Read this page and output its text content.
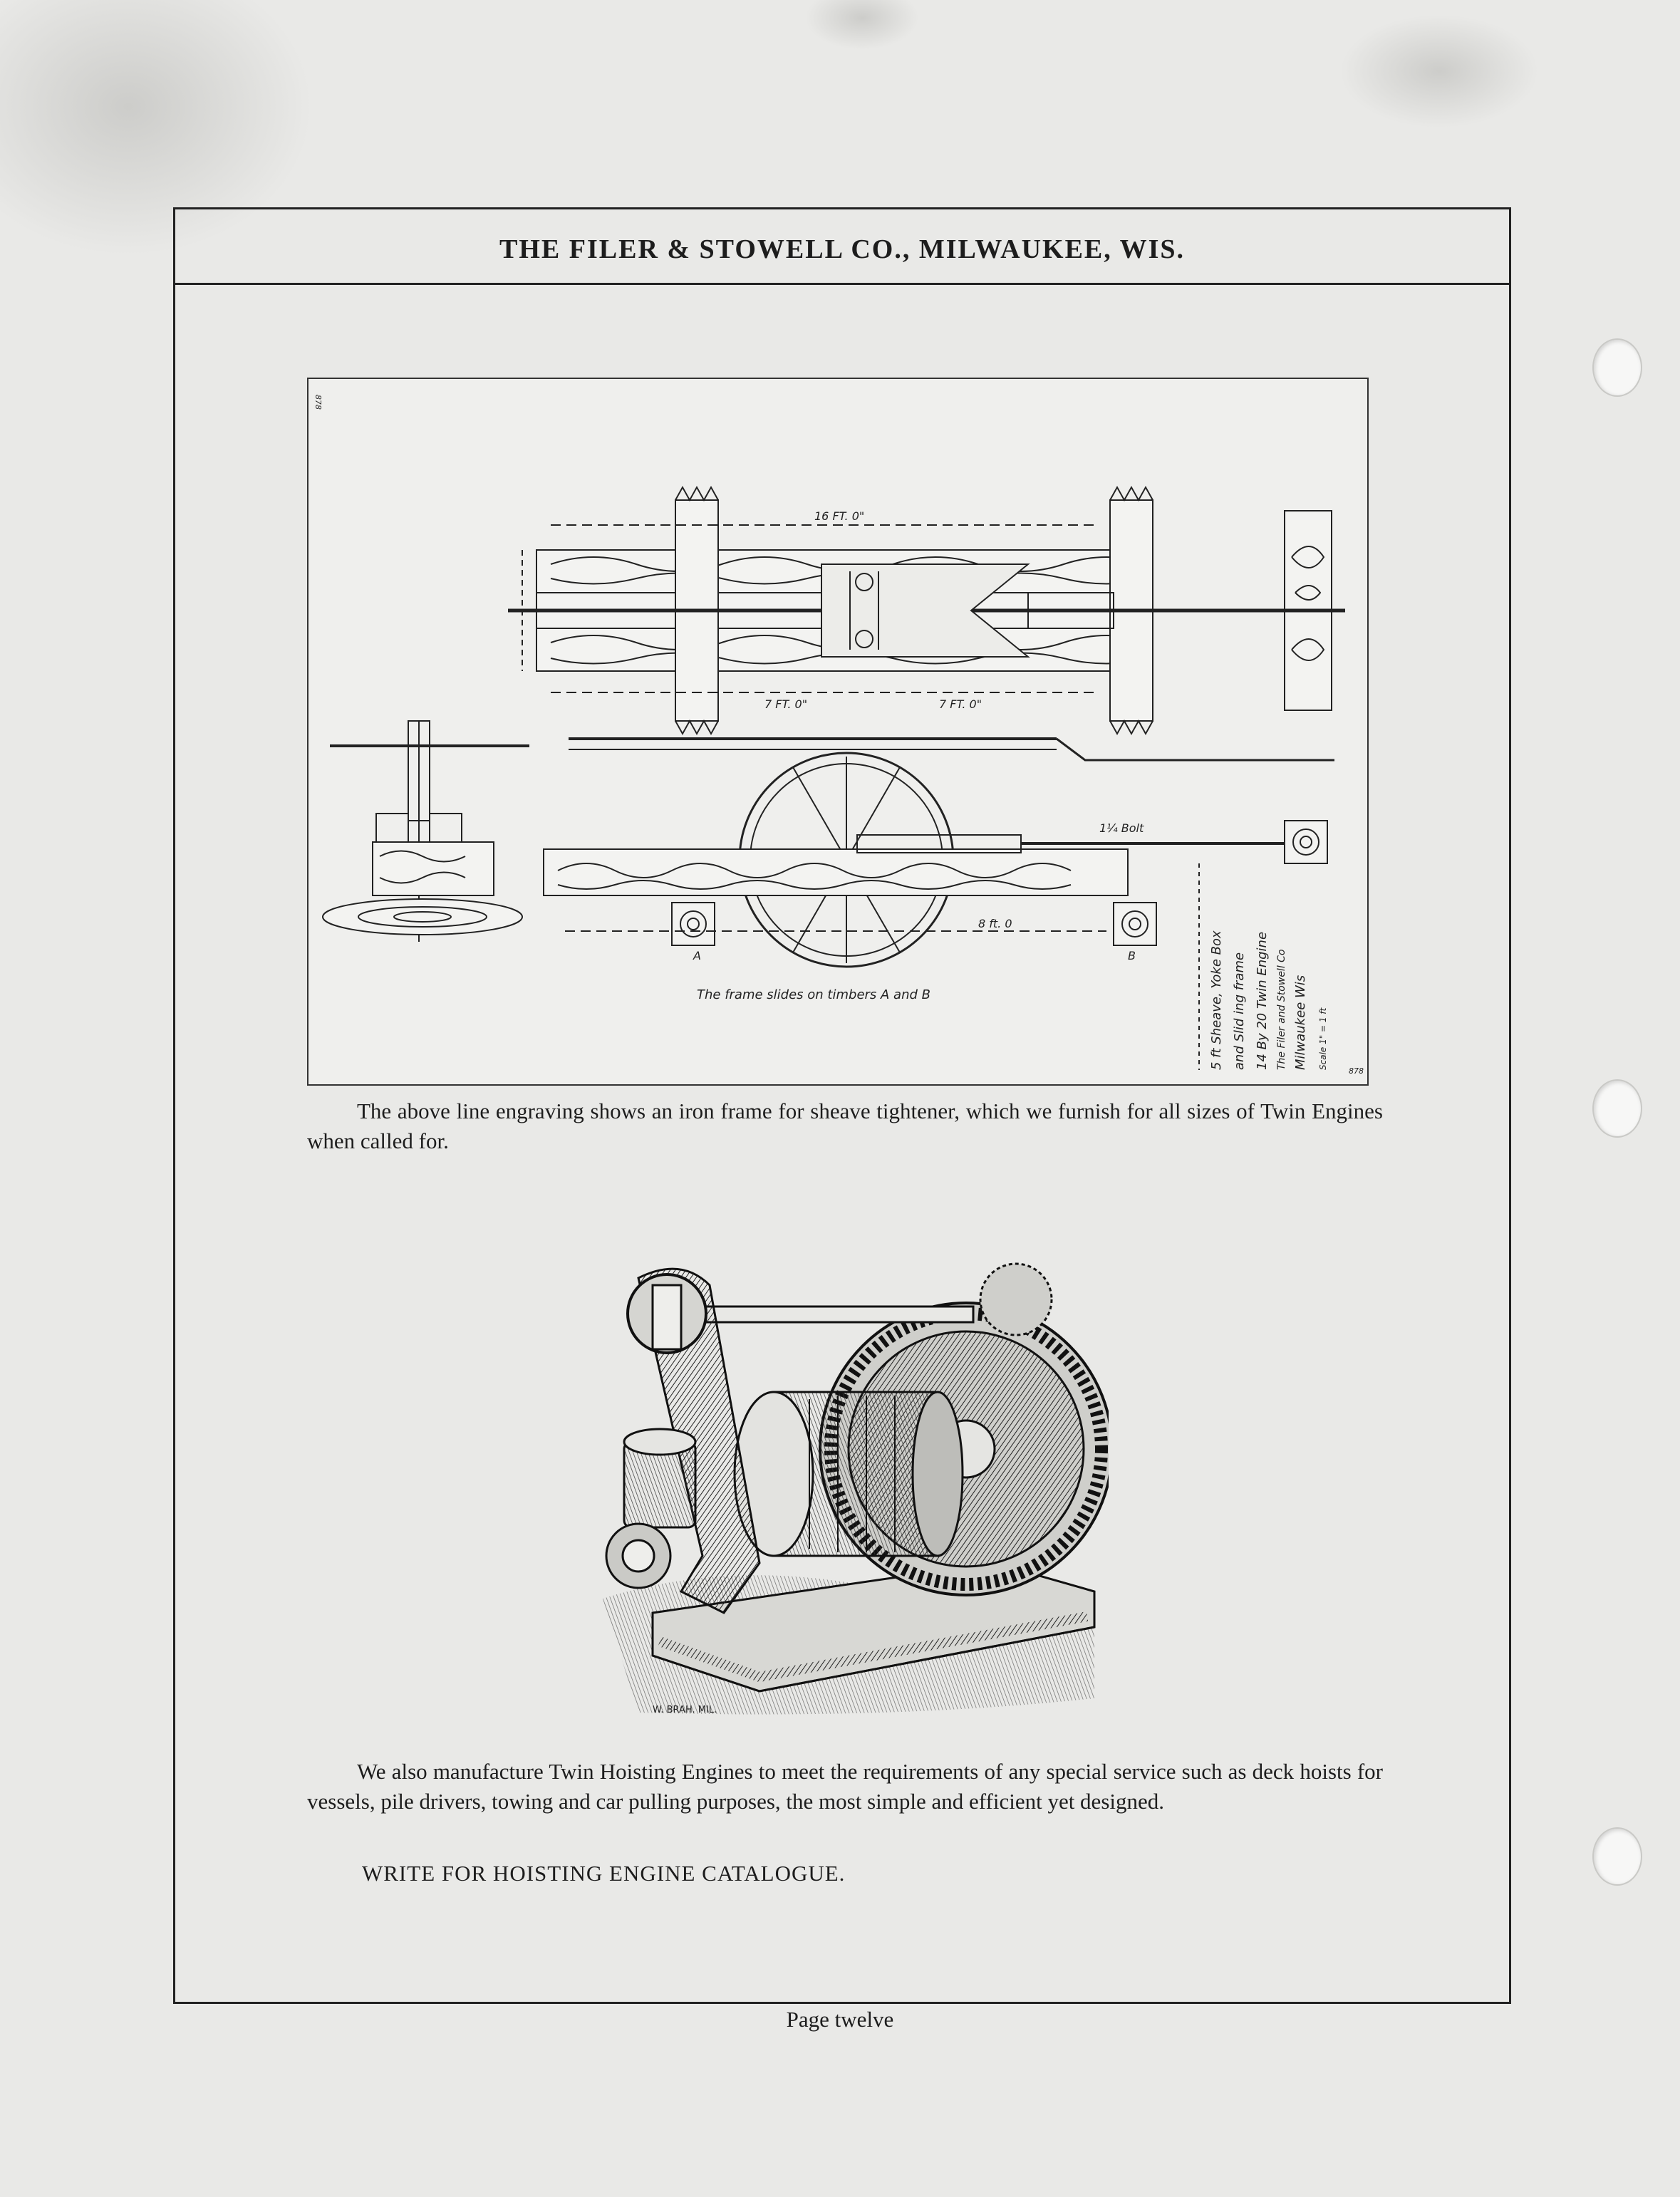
THE FILER & STOWELL CO., MILWAUKEE, WIS.
16 FT. 0"
7 FT. 0"	7 FT. 0"
8 ft. 0
1¼ Bolt
The frame slides on timbers A and B
A	B
878
878
5 ft Sheave, Yoke Box and Slid ing frame 14 By 20 Twin Engine The Filer and Stowell Co Milwaukee Wis Scale 1" = 1 ft

The above line engraving shows an iron frame for sheave tightener, which we furnish for all sizes of Twin Engines when called for.

W. BRAH. MIL.

We also manufacture Twin Hoisting Engines to meet the requirements of any special service such as deck hoists for vessels, pile drivers, towing and car pulling purposes, the most simple and efficient yet designed.

WRITE FOR HOISTING ENGINE CATALOGUE.
Page twelve
